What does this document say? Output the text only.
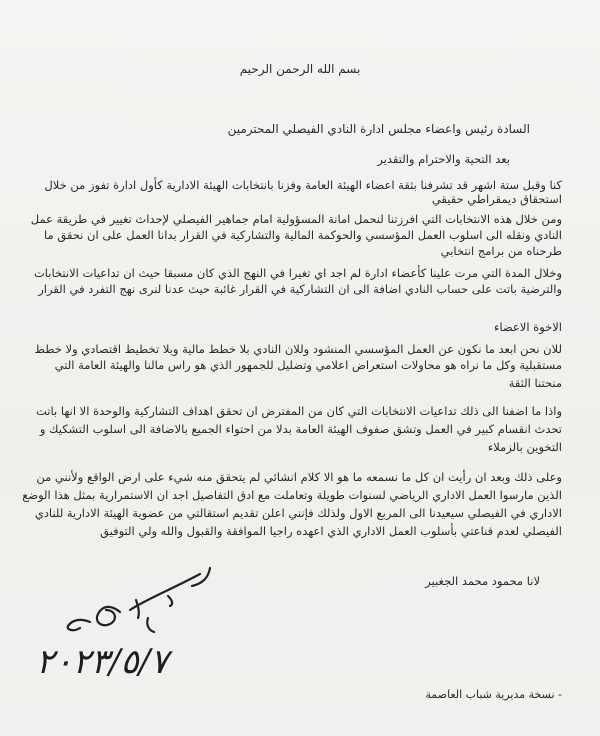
بسم الله الرحمن الرحيم
السادة رئيس واعضاء مجلس ادارة النادي الفيصلي المحترمين
بعد التحية والاحترام والتقدير
كنا وقبل ستة اشهر قد تشرفنا بثقة اعضاء الهيئة العامة وفزنا بانتخابات الهيئة الادارية كأول ادارة تفوز من خلال
استحقاق ديمقراطي حقيقي
ومن خلال هذه الانتخابات التي افرزتنا لنحمل امانة المسؤولية امام جماهير الفيصلي لإحداث تغيير في طريقة عمل
النادي ونقله الى اسلوب العمل المؤسسي والحوكمة المالية والتشاركية في القرار بدانا العمل على ان نحقق ما
طرحناه من برامج انتخابي
وخلال المدة التي مرت علينا كأعضاء ادارة لم اجد اي تغيرا في النهج الذي كان مسبقا حيث ان تداعيات الانتخابات
والترضية باتت على حساب النادي اضافة الى ان التشاركية في القرار غائبة حيث عدنا لنرى نهج التفرد في القرار
الاخوة الاعضاء
للان نحن ابعد ما نكون عن العمل المؤسسي المنشود وللان النادي بلا خطط مالية وبلا تخطيط اقتصادي ولا خطط
مستقبلية وكل ما نراه هو محاولات استعراض اعلامي وتضليل للجمهور الذي هو راس مالنا والهيئة العامة التي
منحتنا الثقة
واذا ما اضفنا الى ذلك تداعيات الانتخابات التي كان من المفترض ان تحقق اهداف التشاركية والوحدة الا انها باتت
تحدث انقسام كبير في العمل وتشق صفوف الهيئة العامة بدلا من احتواء الجميع بالاضافة الى اسلوب التشكيك و
التخوين بالزملاء
وعلى ذلك وبعد ان رأيت ان كل ما نسمعه ما هو الا كلام انشائي لم يتحقق منه شيء على ارض الواقع ولأنني من
الذين مارسوا العمل الاداري الرياضي لسنوات طويلة وتعاملت مع ادق التفاصيل اجد ان الاستمرارية بمثل هذا الوضع
الاداري في الفيصلي سيعيدنا الى المربع الاول ولذلك فإنني اعلن تقديم استقالتي من عضوية الهيئة الادارية للنادي
الفيصلي لعدم قناعتي بأسلوب العمل الاداري الذي اعهده راجيا الموافقة والقبول والله ولي التوفيق
لانا محمود محمد الجغبير
٢٠٢٣/٥/٧
- نسخة مديرية شباب العاصمة
